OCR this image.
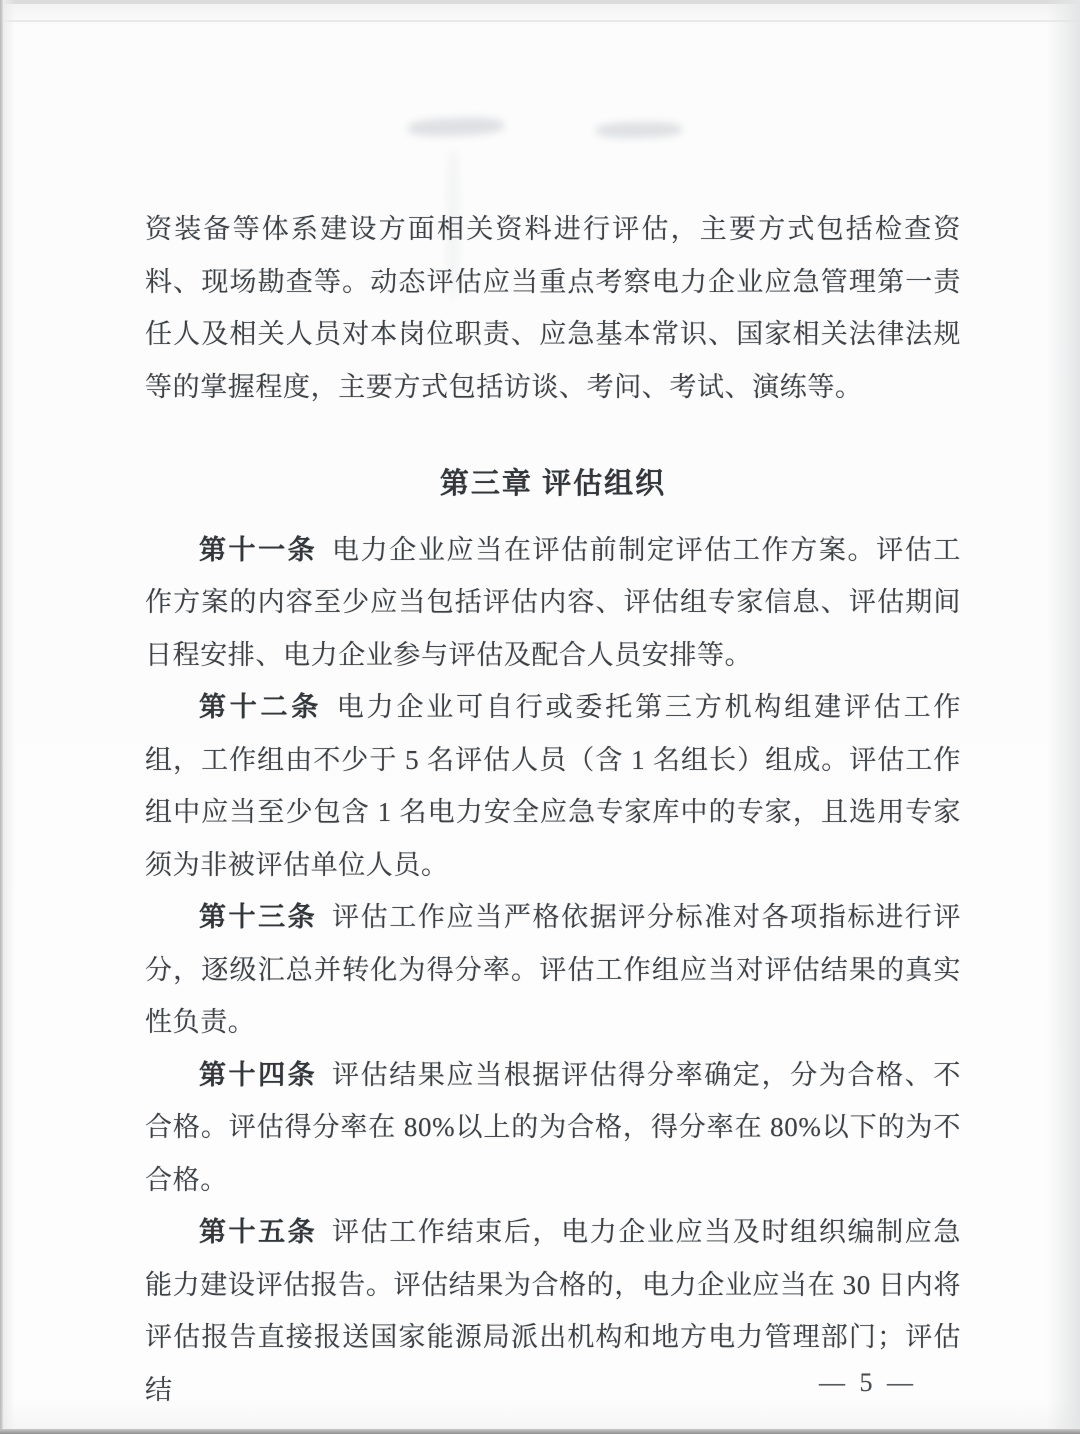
资装备等体系建设方面相关资料进行评估，主要方式包括检查资料、现场勘查等。动态评估应当重点考察电力企业应急管理第一责任人及相关人员对本岗位职责、应急基本常识、国家相关法律法规等的掌握程度，主要方式包括访谈、考问、考试、演练等。

第三章 评估组织

第十一条 电力企业应当在评估前制定评估工作方案。评估工作方案的内容至少应当包括评估内容、评估组专家信息、评估期间日程安排、电力企业参与评估及配合人员安排等。

第十二条 电力企业可自行或委托第三方机构组建评估工作组，工作组由不少于 5 名评估人员（含 1 名组长）组成。评估工作组中应当至少包含 1 名电力安全应急专家库中的专家，且选用专家须为非被评估单位人员。

第十三条 评估工作应当严格依据评分标准对各项指标进行评分，逐级汇总并转化为得分率。评估工作组应当对评估结果的真实性负责。

第十四条 评估结果应当根据评估得分率确定，分为合格、不合格。评估得分率在 80%以上的为合格，得分率在 80%以下的为不合格。

第十五条 评估工作结束后，电力企业应当及时组织编制应急能力建设评估报告。评估结果为合格的，电力企业应当在 30 日内将评估报告直接报送国家能源局派出机构和地方电力管理部门；评估结	— 5 —
